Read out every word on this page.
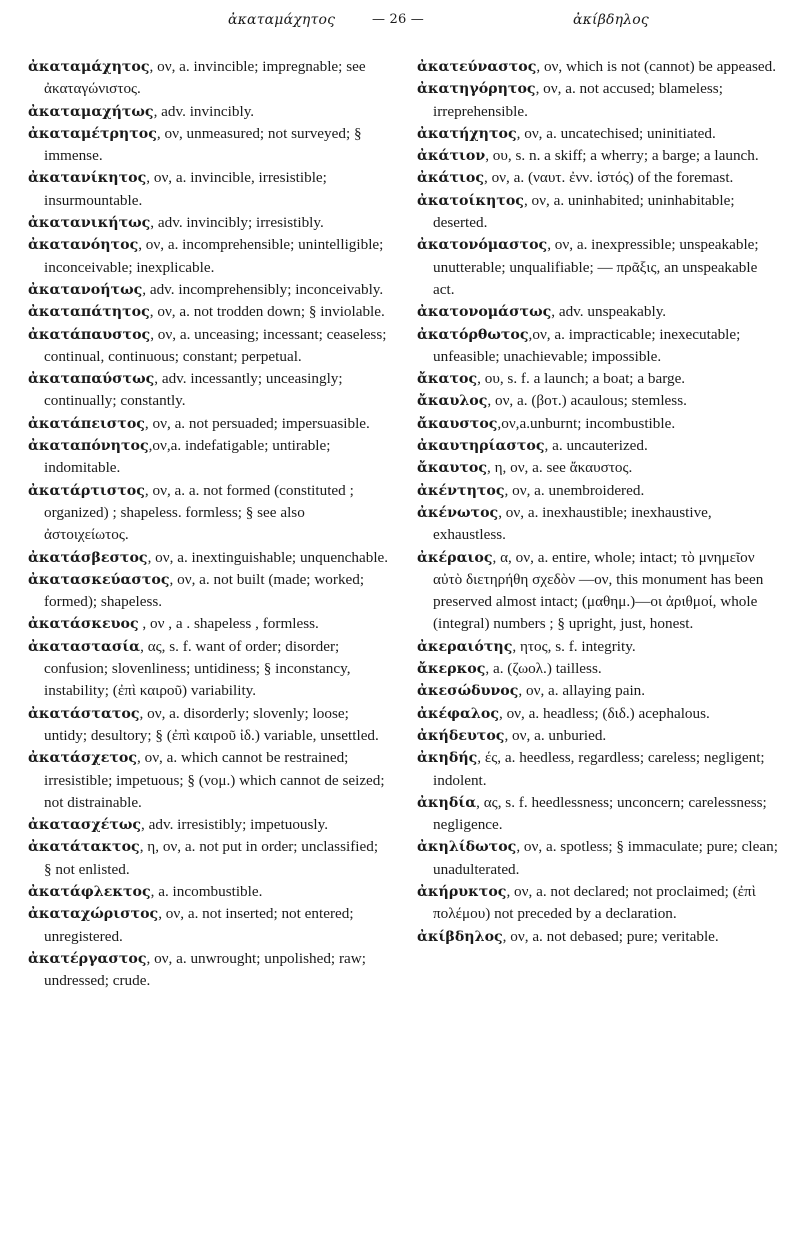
ἀκαταμάχητος	— 26 —	ἀκίβδηλος

ἀκαταμάχητος, ον, a. invincible; impregnable; see ἀκαταγώνιστος.

ἀκαταμαχήτως, adv. invincibly.

ἀκαταμέτρητος, ον, unmeasured; not surveyed; § immense.

ἀκατανίκητος, ον, a. invincible, irresistible; insurmountable.

ἀκατανικήτως, adv. invincibly; irresistibly.

ἀκατανόητος, ον, a. incomprehensible; unintelligible; inconceivable; inexplicable.

ἀκατανοήτως, adv. incomprehensibly; inconceivably.

ἀκαταπάτητος, ον, a. not trodden down; § inviolable.

ἀκατάπαυστος, ον, a. unceasing; incessant; ceaseless; continual, continuous; constant; perpetual.

ἀκαταπαύστως, adv. incessantly; unceasingly; continually; constantly.

ἀκατάπειστος, ον, a. not persuaded; impersuasible.

ἀκαταπόνητος,ον,a. indefatigable; untirable; indomitable.

ἀκατάρτιστος, ον, a. a. not formed (constituted ; organized) ; shapeless. formless; § see also ἀστοιχείωτος.

ἀκατάσβεστος, ον, a. inextinguishable; unquenchable.

ἀκατασκεύαστος, ον, a. not built (made; worked; formed); shapeless.

ἀκατάσκευος , ον , a . shapeless , formless.

ἀκαταστασία, ας, s. f. want of order; disorder; confusion; slovenliness; untidiness; § inconstancy, instability; (ἐπὶ καιροῦ) variability.

ἀκατάστατος, ον, a. disorderly; slovenly; loose; untidy; desultory; § (ἐπὶ καιροῦ ἰδ.) variable, unsettled.

ἀκατάσχετος, ον, a. which cannot be restrained; irresistible; impetuous; § (νομ.) which cannot de seized; not distrainable.

ἀκατασχέτως, adv. irresistibly; impetuously.

ἀκατάτακτος, η, ον, a. not put in order; unclassified; § not enlisted.

ἀκατάφλεκτος, a. incombustible.

ἀκαταχώριστος, ον, a. not inserted; not entered; unregistered.

ἀκατέργαστος, ον, a. unwrought; unpolished; raw; undressed; crude.

ἀκατεύναστος, ον, which is not (cannot) be appeased.

ἀκατηγόρητος, ον, a. not accused; blameless; irreprehensible.

ἀκατήχητος, ον, a. uncatechised; uninitiated.

ἀκάτιον, ου, s. n. a skiff; a wherry; a barge; a launch.

ἀκάτιος, ον, a. (ναυτ. ἐνν. ἱστός) of the foremast.

ἀκατοίκητος, ον, a. uninhabited; uninhabitable; deserted.

ἀκατονόμαστος, ον, a. inexpressible; unspeakable; unutterable; unqualifiable; — πρᾶξις, an unspeakable act.

ἀκατονομάστως, adv. unspeakably.

ἀκατόρθωτος,ον, a. impracticable; inexecutable; unfeasible; unachievable; impossible.

ἄκατος, ου, s. f. a launch; a boat; a barge.

ἄκαυλος, ον, a. (βοτ.) acaulous; stemless.

ἄκαυστος,ον,a.unburnt; incombustible.

ἀκαυτηρίαστος, a. uncauterized.

ἄκαυτος, η, ον, a. see ἄκαυστος.

ἀκέντητος, ον, a. unembroidered.

ἀκένωτος, ον, a. inexhaustible; inexhaustive, exhaustless.

ἀκέραιος, α, ον, a. entire, whole; intact; τὸ μνημεῖον αὐτὸ διετηρήθη σχεδὸν —ον, this monument has been preserved almost intact; (μαθημ.)—οι ἀριθμοί, whole (integral) numbers ; § upright, just, honest.

ἀκεραιότης, ητος, s. f. integrity.

ἄκερκος, a. (ζωολ.) tailless.

ἀκεσώδυνος, ον, a. allaying pain.

ἀκέφαλος, ον, a. headless; (διδ.) acephalous.

ἀκήδευτος, ον, a. unburied.

ἀκηδής, ές, a. heedless, regardless; careless; negligent; indolent.

ἀκηδία, ας, s. f. heedlessness; unconcern; carelessness; negligence.

ἀκηλίδωτος, ον, a. spotless; § immaculate; pure; clean; unadulterated.

ἀκήρυκτος, ον, a. not declared; not proclaimed; (ἐπὶ πολέμου) not preceded by a declaration.

ἀκίβδηλος, ον, a. not debased; pure; veritable.
